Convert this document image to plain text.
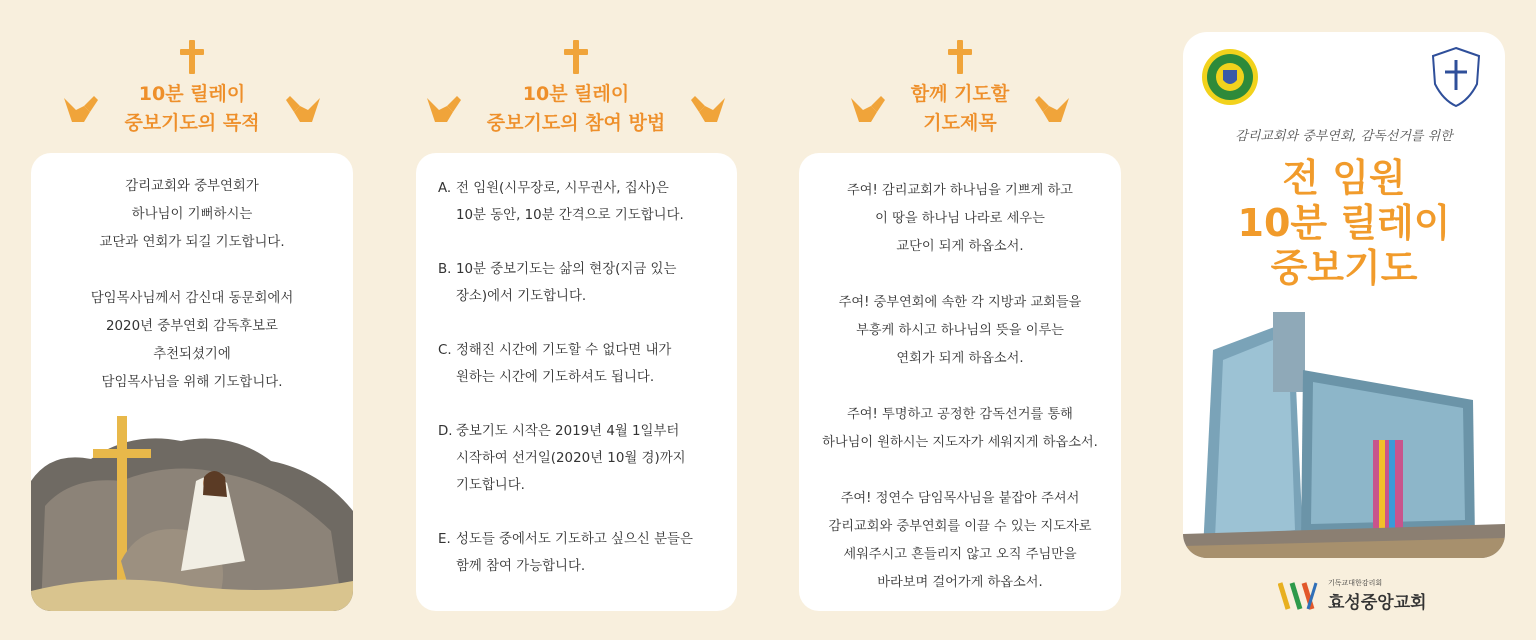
10분 릴레이
중보기도의 목적
10분 릴레이
중보기도의 참여 방법
함께 기도할
기도제목
감리교회와 중부연회가
하나님이 기뻐하시는
교단과 연회가 되길 기도합니다.
담임목사님께서 감신대 동문회에서
2020년 중부연회 감독후보로
추천되셨기에
담임목사님을 위해 기도합니다.
A. 전 임원(시무장로, 시무권사, 집사)은
10분 동안, 10분 간격으로 기도합니다.
B. 10분 중보기도는 삶의 현장(지금 있는
장소)에서 기도합니다.
C. 정해진 시간에 기도할 수 없다면 내가
원하는 시간에 기도하셔도 됩니다.
D. 중보기도 시작은 2019년 4월 1일부터
시작하여 선거일(2020년 10월 경)까지
기도합니다.
E. 성도들 중에서도 기도하고 싶으신 분들은
함께 참여 가능합니다.
주여! 감리교회가 하나님을 기쁘게 하고
이 땅을 하나님 나라로 세우는
교단이 되게 하옵소서.
주여! 중부연회에 속한 각 지방과 교회들을
부흥케 하시고 하나님의 뜻을 이루는
연회가 되게 하옵소서.
주여! 투명하고 공정한 감독선거를 통해
하나님이 원하시는 지도자가 세워지게 하옵소서.
주여! 정연수 담임목사님을 붙잡아 주셔서
감리교회와 중부연회를 이끌 수 있는 지도자로
세워주시고 흔들리지 않고 오직 주님만을
바라보며 걸어가게 하옵소서.
감리교회와 중부연회, 감독선거를 위한
전 임원
10분 릴레이
중보기도
기독교대한감리회
효성중앙교회
